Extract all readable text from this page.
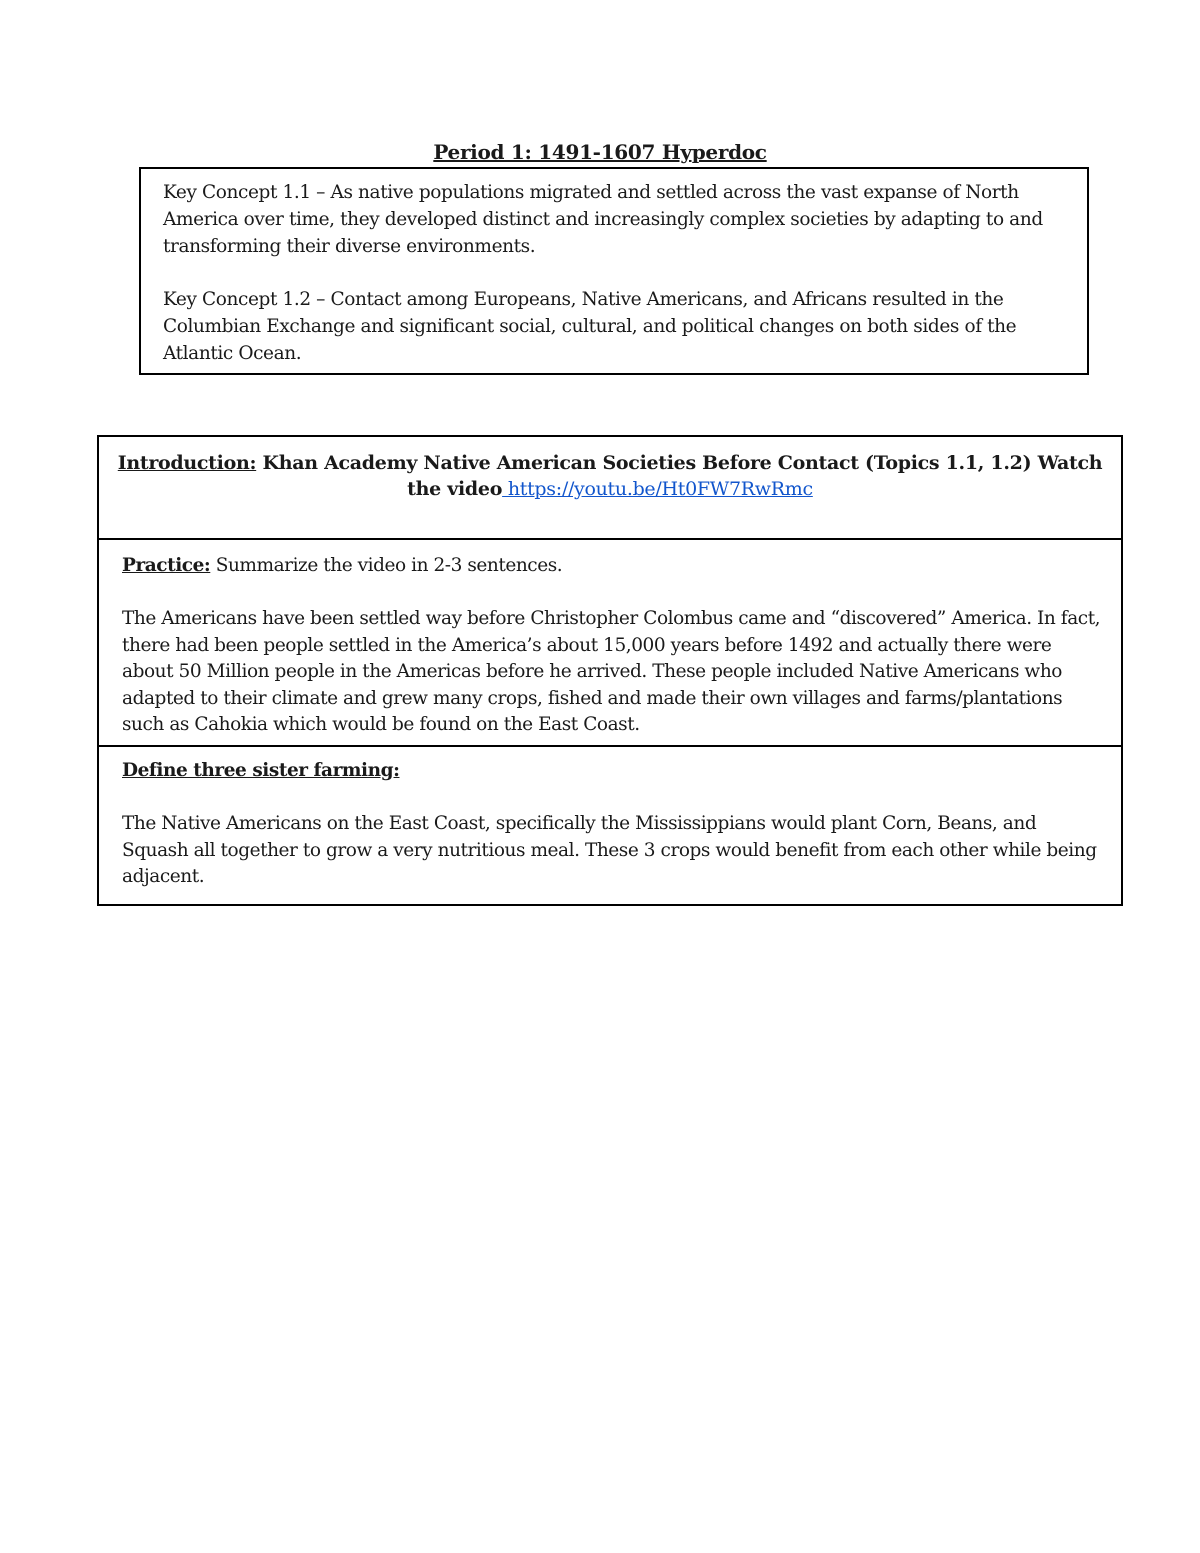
Period 1: 1491-1607 Hyperdoc

Key Concept 1.1 – As native populations migrated and settled across the vast expanse of North America over time, they developed distinct and increasingly complex societies by adapting to and transforming their diverse environments.

Key Concept 1.2 – Contact among Europeans, Native Americans, and Africans resulted in the Columbian Exchange and significant social, cultural, and political changes on both sides of the Atlantic Ocean.

Introduction: Khan Academy Native American Societies Before Contact (Topics 1.1, 1.2) Watch the video https://youtu.be/Ht0FW7RwRmc

Practice: Summarize the video in 2-3 sentences.

The Americans have been settled way before Christopher Colombus came and “discovered” America. In fact, there had been people settled in the America’s about 15,000 years before 1492 and actually there were about 50 Million people in the Americas before he arrived. These people included Native Americans who adapted to their climate and grew many crops, fished and made their own villages and farms/plantations such as Cahokia which would be found on the East Coast.

Define three sister farming:

The Native Americans on the East Coast, specifically the Mississippians would plant Corn, Beans, and Squash all together to grow a very nutritious meal. These 3 crops would benefit from each other while being adjacent.
